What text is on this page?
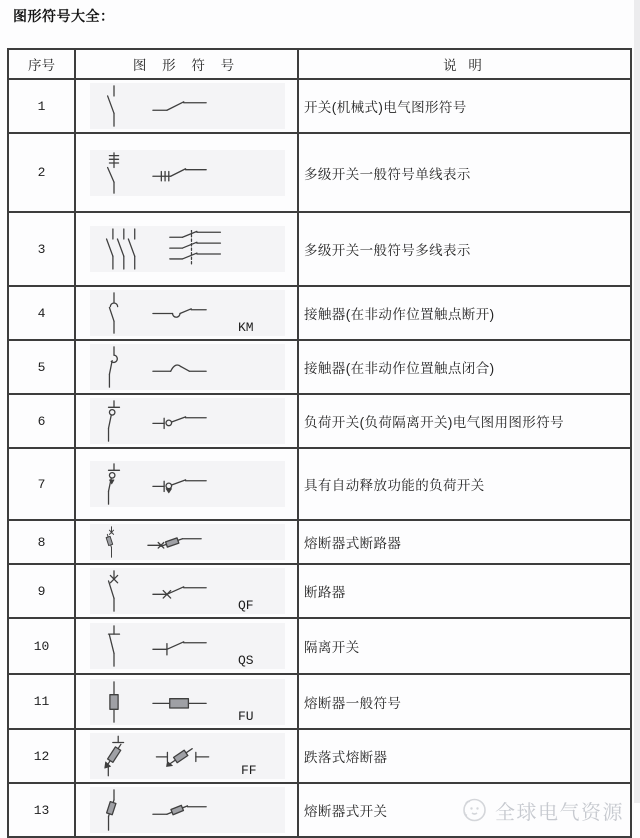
图形符号大全：
序号	图 形 符 号	说 明
1		开关(机械式)电气图形符号
2		多级开关一般符号单线表示
3		多级开关一般符号多线表示
4	KM	接触器(在非动作位置触点断开)
5		接触器(在非动作位置触点闭合)
6		负荷开关(负荷隔离开关)电气图用图形符号
7		具有自动释放功能的负荷开关
8		熔断器式断路器
9	QF	断路器
10	QS	隔离开关
11	FU	熔断器一般符号
12	FF	跌落式熔断器
13		熔断器式开关 全球电气资源
